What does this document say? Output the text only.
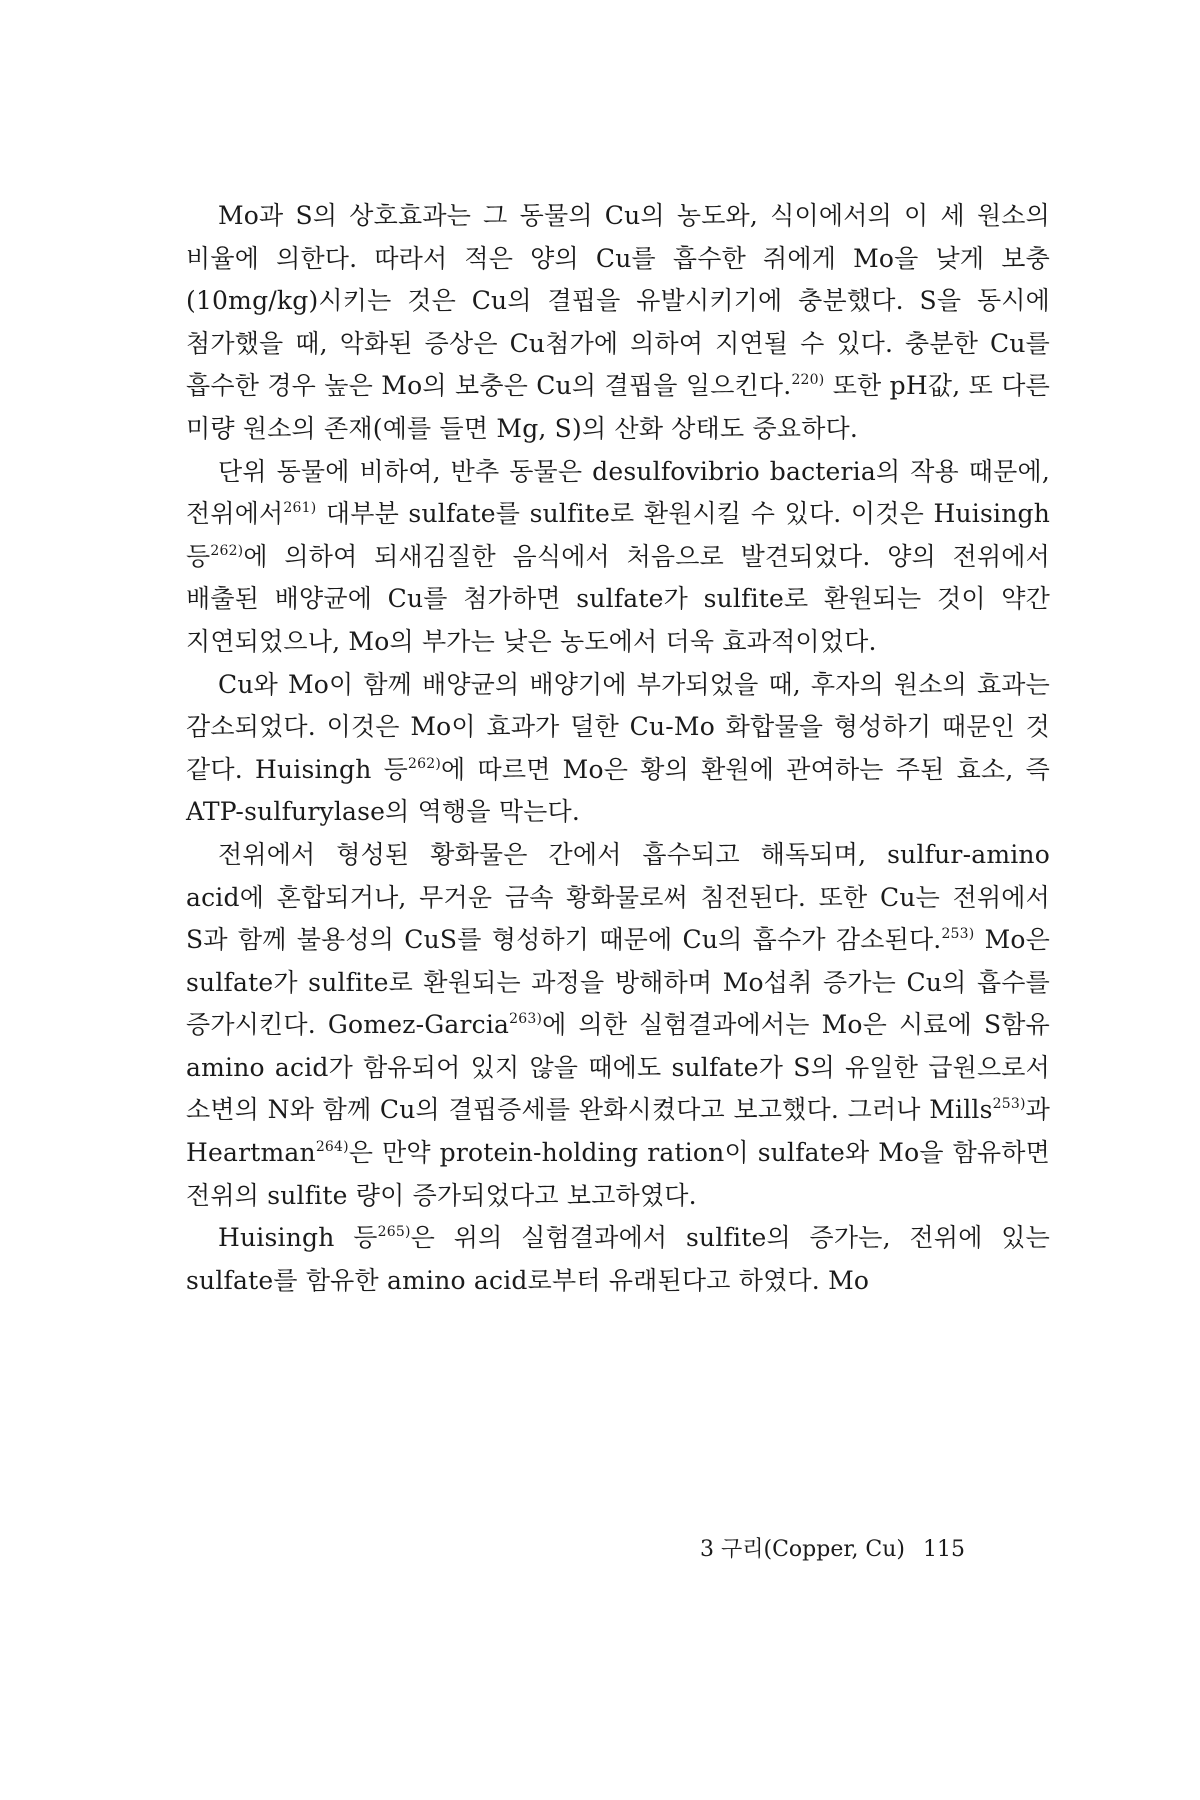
Mo과 S의 상호효과는 그 동물의 Cu의 농도와, 식이에서의 이 세 원소의 비율에 의한다. 따라서 적은 양의 Cu를 흡수한 쥐에게 Mo을 낮게 보충(10mg/kg)시키는 것은 Cu의 결핍을 유발시키기에 충분했다. S을 동시에 첨가했을 때, 악화된 증상은 Cu첨가에 의하여 지연될 수 있다. 충분한 Cu를 흡수한 경우 높은 Mo의 보충은 Cu의 결핍을 일으킨다.$^{220)}$ 또한 pH값, 또 다른 미량 원소의 존재(예를 들면 Mg, S)의 산화 상태도 중요하다.

단위 동물에 비하여, 반추 동물은 desulfovibrio bacteria의 작용 때문에, 전위에서$^{261)}$ 대부분 sulfate를 sulfite로 환원시킬 수 있다. 이것은 Huisingh 등$^{262)}$에 의하여 되새김질한 음식에서 처음으로 발견되었다. 양의 전위에서 배출된 배양균에 Cu를 첨가하면 sulfate가 sulfite로 환원되는 것이 약간 지연되었으나, Mo의 부가는 낮은 농도에서 더욱 효과적이었다.

Cu와 Mo이 함께 배양균의 배양기에 부가되었을 때, 후자의 원소의 효과는 감소되었다. 이것은 Mo이 효과가 덜한 Cu-Mo 화합물을 형성하기 때문인 것 같다. Huisingh 등$^{262)}$에 따르면 Mo은 황의 환원에 관여하는 주된 효소, 즉 ATP-sulfurylase의 역행을 막는다.

전위에서 형성된 황화물은 간에서 흡수되고 해독되며, sulfur-amino acid에 혼합되거나, 무거운 금속 황화물로써 침전된다. 또한 Cu는 전위에서 S과 함께 불용성의 CuS를 형성하기 때문에 Cu의 흡수가 감소된다.$^{253)}$ Mo은 sulfate가 sulfite로 환원되는 과정을 방해하며 Mo섭취 증가는 Cu의 흡수를 증가시킨다. Gomez-Garcia$^{263)}$에 의한 실험결과에서는 Mo은 시료에 S함유 amino acid가 함유되어 있지 않을 때에도 sulfate가 S의 유일한 급원으로서 소변의 N와 함께 Cu의 결핍증세를 완화시켰다고 보고했다. 그러나 Mills$^{253)}$과 Heartman$^{264)}$은 만약 protein-holding ration이 sulfate와 Mo을 함유하면 전위의 sulfite 량이 증가되었다고 보고하였다.

Huisingh 등$^{265)}$은 위의 실험결과에서 sulfite의 증가는, 전위에 있는 sulfate를 함유한 amino acid로부터 유래된다고 하였다. Mo

3 구리(Copper, Cu) 115
